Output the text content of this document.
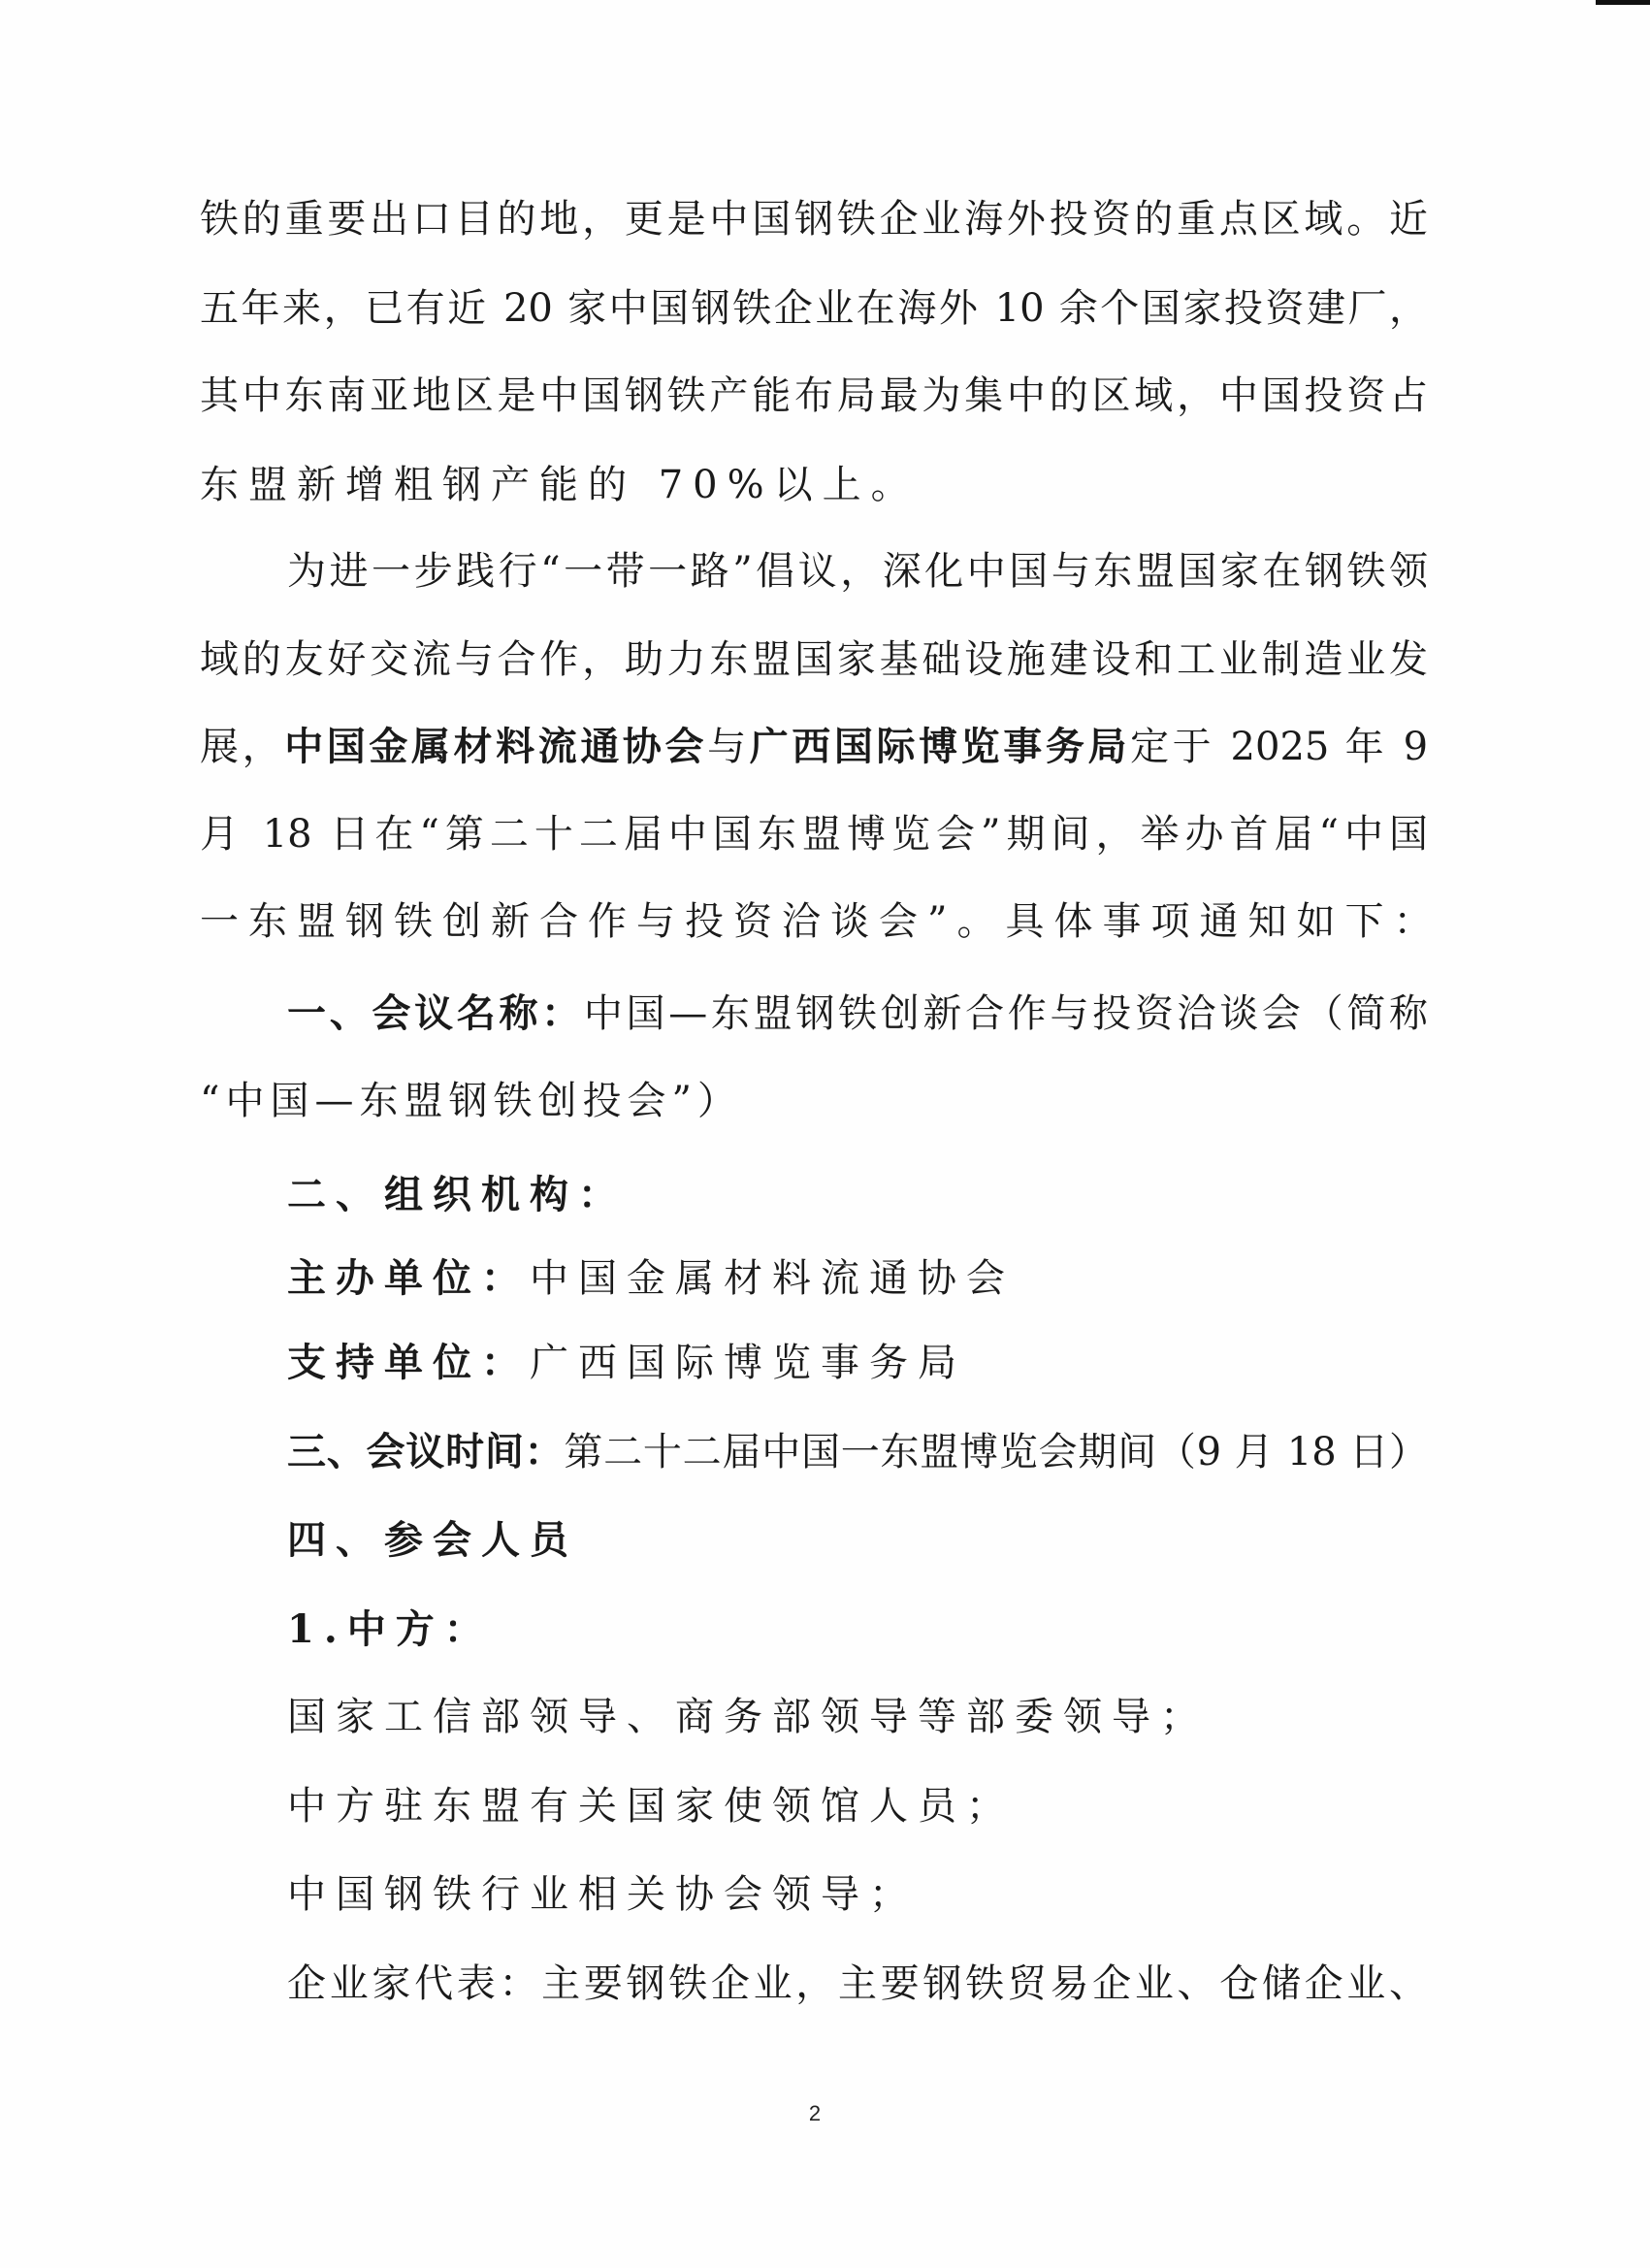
铁的重要出口目的地，更是中国钢铁企业海外投资的重点区域。近
五年来，已有近 20 家中国钢铁企业在海外 10 余个国家投资建厂，
其中东南亚地区是中国钢铁产能布局最为集中的区域，中国投资占
东盟新增粗钢产能的 70%以上。
为进一步践行“一带一路”倡议，深化中国与东盟国家在钢铁领
域的友好交流与合作，助力东盟国家基础设施建设和工业制造业发
展，中国金属材料流通协会与广西国际博览事务局定于 2025 年 9
月 18 日在“第二十二届中国东盟博览会”期间，举办首届“中国
一东盟钢铁创新合作与投资洽谈会”。具体事项通知如下：
一、会议名称：中国—东盟钢铁创新合作与投资洽谈会（简称
“中国—东盟钢铁创投会”）
二、组织机构：
主办单位：中国金属材料流通协会
支持单位：广西国际博览事务局
三、会议时间：第二十二届中国一东盟博览会期间（9 月 18 日）
四、参会人员
1.中方：
国家工信部领导、商务部领导等部委领导；
中方驻东盟有关国家使领馆人员；
中国钢铁行业相关协会领导；
企业家代表：主要钢铁企业，主要钢铁贸易企业、仓储企业、
2
